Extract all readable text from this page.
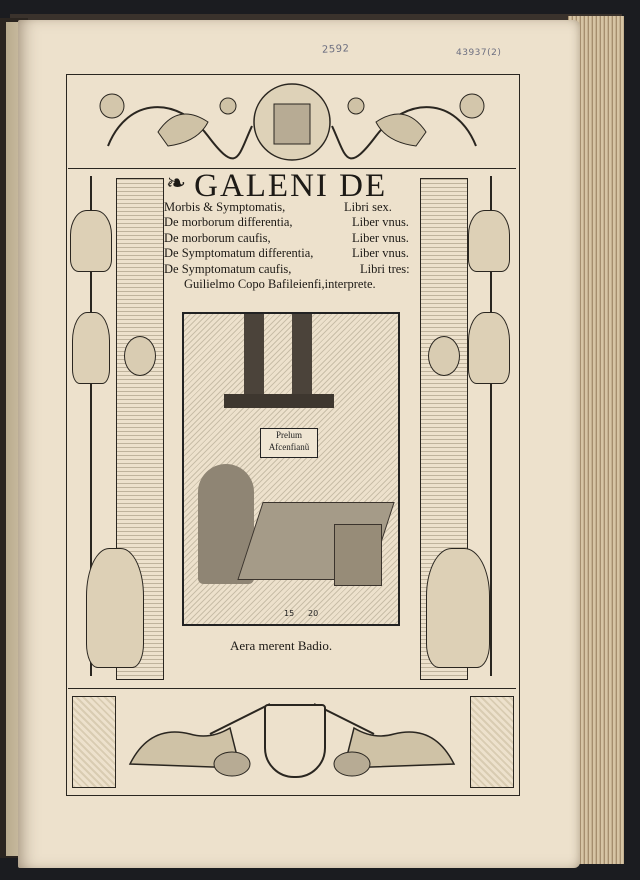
2592	43937(2)
❧ GALENI DE
Morbis & Symptomatis,	Libri sex.
De morborum differentia,	Liber vnus.
De morborum caufis,	Liber vnus.
De Symptomatum differentia,	Liber vnus.
De Symptomatum caufis,	Libri tres:
Guilielmo Copo Bafileienfi,interprete.
Prelum Afcenfianũ
15 20
Aera merent Badio.
